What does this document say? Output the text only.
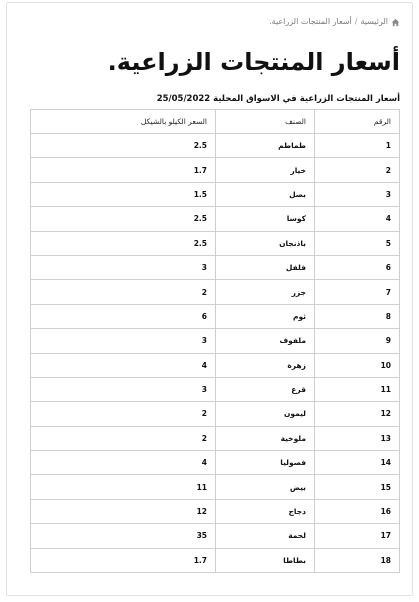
الرئيسية
/
أسعار المنتجات الزراعية.
أسعار المنتجات الزراعية.
أسعار المنتجات الزراعية في الاسواق المحلية 25/05/2022
الرقم	الصنف	السعر الكيلو بالشيكل
1	طماطم	2.5
2	خيار	1.7
3	بصل	1.5
4	كوسا	2.5
5	باذنجان	2.5
6	فلفل	3
7	جزر	2
8	ثوم	6
9	ملفوف	3
10	زهرة	4
11	قرع	3
12	ليمون	2
13	ملوخية	2
14	فصوليا	4
15	بيض	11
16	دجاج	12
17	لحمة	35
18	بطاطا	1.7
